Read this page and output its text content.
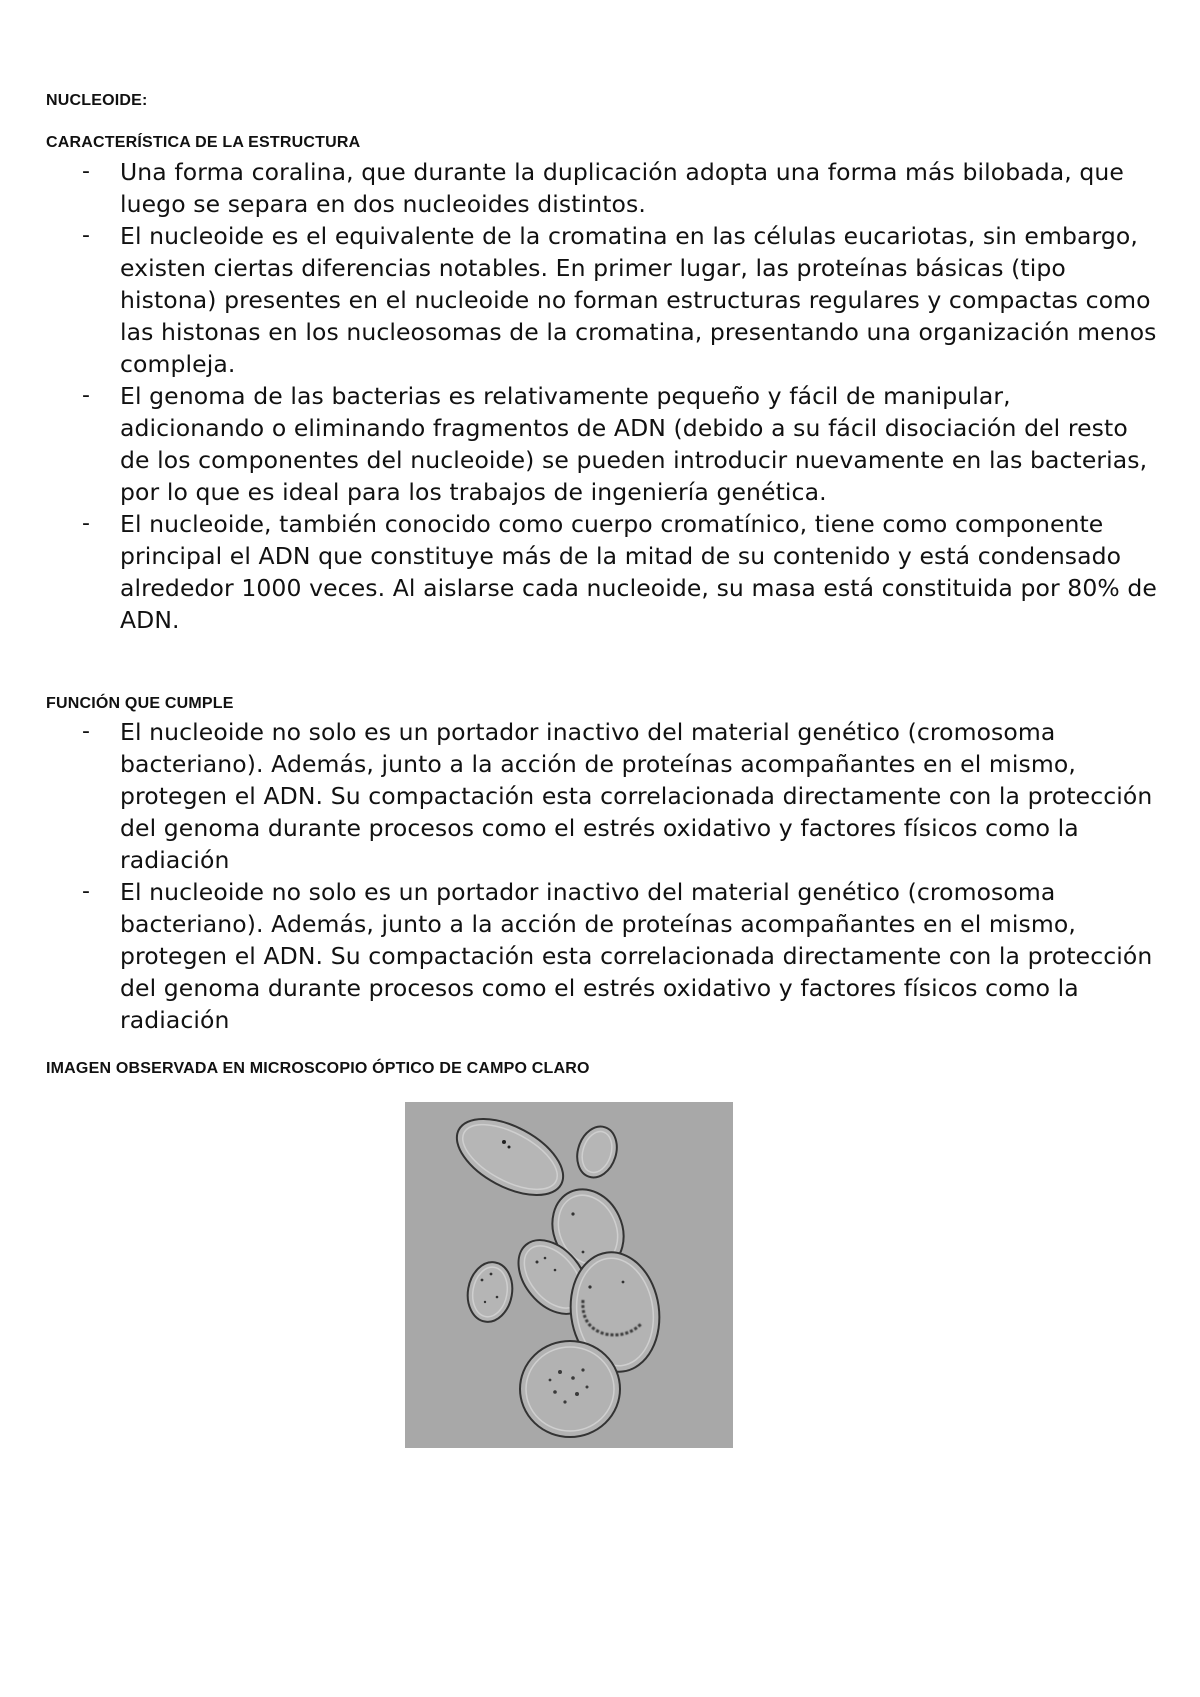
NUCLEOIDE:

CARACTERÍSTICA DE LA ESTRUCTURA

- Una forma coralina, que durante la duplicación adopta una forma más bilobada, que luego se separa en dos nucleoides distintos.
- El nucleoide es el equivalente de la cromatina en las células eucariotas, sin embargo, existen ciertas diferencias notables. En primer lugar, las proteínas básicas (tipo histona) presentes en el nucleoide no forman estructuras regulares y compactas como las histonas en los nucleosomas de la cromatina, presentando una organización menos compleja.
- El genoma de las bacterias es relativamente pequeño y fácil de manipular, adicionando o eliminando fragmentos de ADN (debido a su fácil disociación del resto de los componentes del nucleoide) se pueden introducir nuevamente en las bacterias, por lo que es ideal para los trabajos de ingeniería genética.
- El nucleoide, también conocido como cuerpo cromatínico, tiene como componente principal el ADN que constituye más de la mitad de su contenido y está condensado alrededor 1000 veces. Al aislarse cada nucleoide, su masa está constituida por 80% de ADN.

FUNCIÓN QUE CUMPLE

- El nucleoide no solo es un portador inactivo del material genético (cromosoma bacteriano). Además, junto a la acción de proteínas acompañantes en el mismo, protegen el ADN. Su compactación esta correlacionada directamente con la protección del genoma durante procesos como el estrés oxidativo y factores físicos como la radiación
- El nucleoide no solo es un portador inactivo del material genético (cromosoma bacteriano). Además, junto a la acción de proteínas acompañantes en el mismo, protegen el ADN. Su compactación esta correlacionada directamente con la protección del genoma durante procesos como el estrés oxidativo y factores físicos como la radiación

IMAGEN OBSERVADA EN MICROSCOPIO ÓPTICO DE CAMPO CLARO
